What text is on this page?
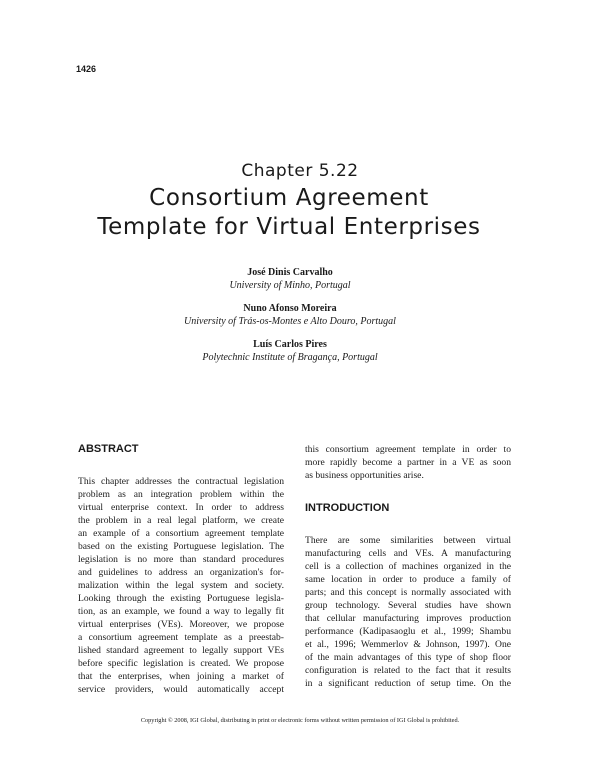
1426
Chapter 5.22
Consortium Agreement
Template for Virtual Enterprises
José Dinis Carvalho
University of Minho, Portugal
Nuno Afonso Moreira
University of Trás-os-Montes e Alto Douro, Portugal
Luís Carlos Pires
Polytechnic Institute of Bragança, Portugal
ABSTRACT
This chapter addresses the contractual legislation
problem as an integration problem within the
virtual enterprise context. In order to address
the problem in a real legal platform, we create
an example of a consortium agreement template
based on the existing Portuguese legislation. The
legislation is no more than standard procedures
and guidelines to address an organization's for-
malization within the legal system and society.
Looking through the existing Portuguese legisla-
tion, as an example, we found a way to legally fit
virtual enterprises (VEs). Moreover, we propose
a consortium agreement template as a preestab-
lished standard agreement to legally support VEs
before specific legislation is created. We propose
that the enterprises, when joining a market of
service providers, would automatically accept
this consortium agreement template in order to
more rapidly become a partner in a VE as soon
as business opportunities arise.
INTRODUCTION
There are some similarities between virtual
manufacturing cells and VEs. A manufacturing
cell is a collection of machines organized in the
same location in order to produce a family of
parts; and this concept is normally associated with
group technology. Several studies have shown
that cellular manufacturing improves production
performance (Kadipasaoglu et al., 1999; Shambu
et al., 1996; Wemmerlov & Johnson, 1997). One
of the main advantages of this type of shop floor
configuration is related to the fact that it results
in a significant reduction of setup time. On the
Copyright © 2008, IGI Global, distributing in print or electronic forms without written permission of IGI Global is prohibited.
